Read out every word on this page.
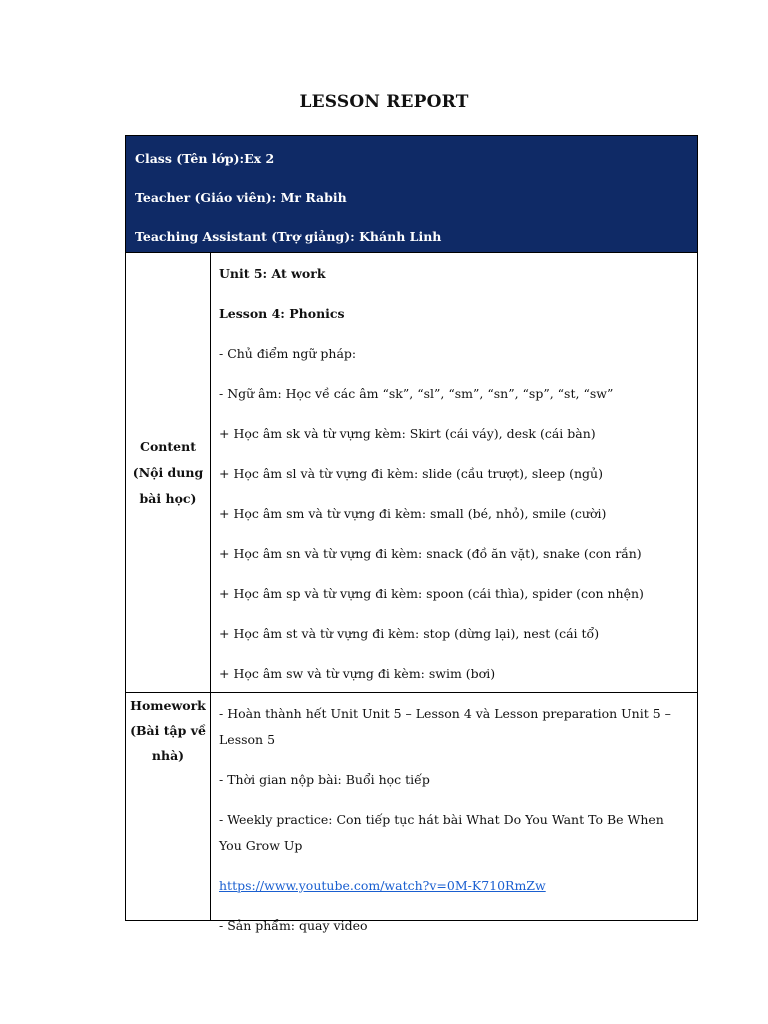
LESSON REPORT
Class (Tên lớp):Ex 2
Teacher (Giáo viên): Mr Rabih
Teaching Assistant (Trợ giảng): Khánh Linh
Content
(Nội dung
bài học)
Unit 5: At work
Lesson 4: Phonics
- Chủ điểm ngữ pháp:
- Ngữ âm: Học về các âm “sk”, “sl”, “sm”, “sn”, “sp”, “st, “sw”
+ Học âm sk và từ vựng kèm: Skirt (cái váy), desk (cái bàn)
+ Học âm sl và từ vựng đi kèm: slide (cầu trượt), sleep (ngủ)
+ Học âm sm và từ vựng đi kèm: small (bé, nhỏ), smile (cười)
+ Học âm sn và từ vựng đi kèm: snack (đồ ăn vặt), snake (con rắn)
+ Học âm sp và từ vựng đi kèm: spoon (cái thìa), spider (con nhện)
+ Học âm st và từ vựng đi kèm: stop (dừng lại), nest (cái tổ)
+ Học âm sw và từ vựng đi kèm: swim (bơi)
Homework
(Bài tập về
nhà)
- Hoàn thành hết Unit Unit 5 – Lesson 4 và Lesson preparation Unit 5 – Lesson 5
- Thời gian nộp bài: Buổi học tiếp
- Weekly practice: Con tiếp tục hát bài What Do You Want To Be When You Grow Up
https://www.youtube.com/watch?v=0M-K710RmZw
- Sản phẩm: quay video
